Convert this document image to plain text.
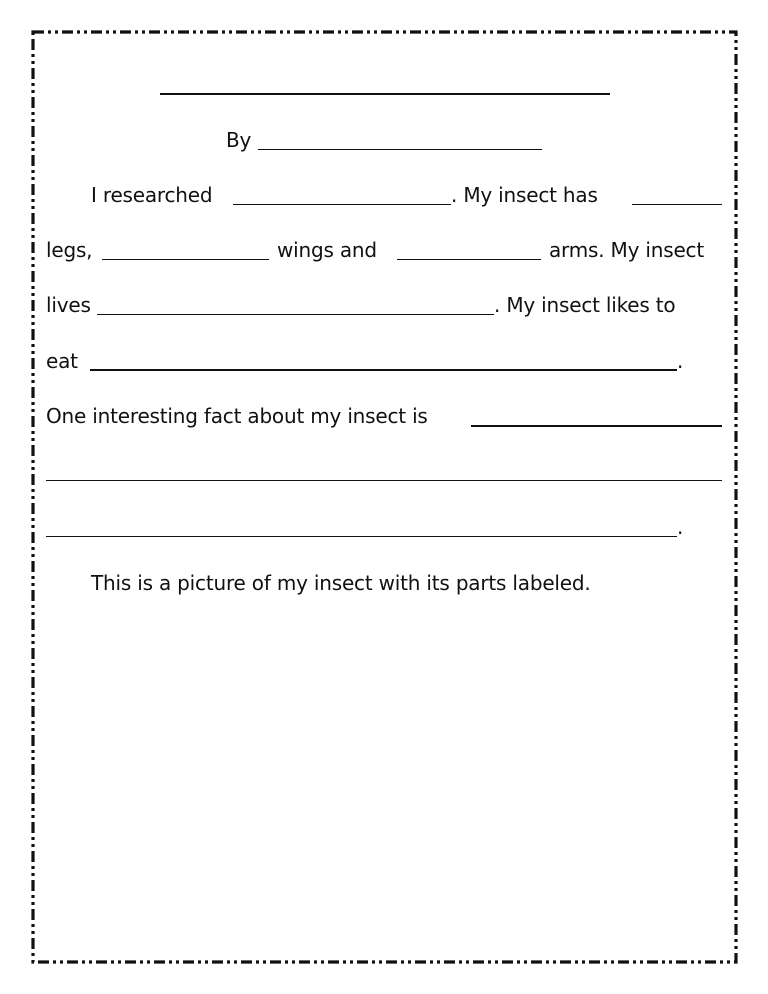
By
I researched	. My insect has
legs,	wings and	arms. My insect
lives	. My insect likes to
eat	.
One interesting fact about my insect is
.
This is a picture of my insect with its parts labeled.
